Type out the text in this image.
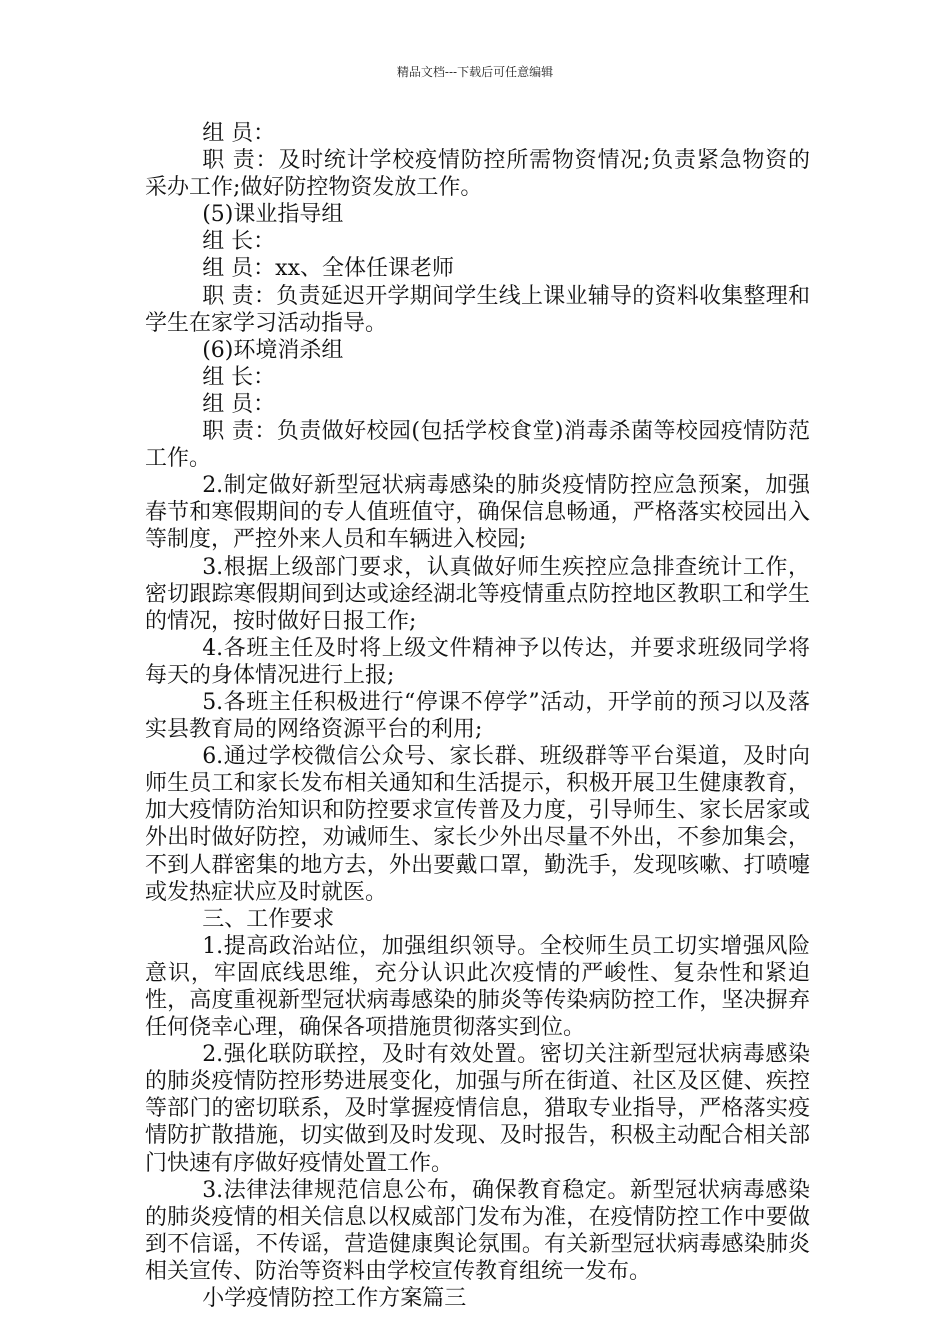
精品文档---下载后可任意编辑

组 员：

职 责：及时统计学校疫情防控所需物资情况;负责紧急物资的采办工作;做好防控物资发放工作。

(5)课业指导组

组 长：

组 员：xx、全体任课老师

职 责：负责延迟开学期间学生线上课业辅导的资料收集整理和学生在家学习活动指导。

(6)环境消杀组

组 长：

组 员：

职 责：负责做好校园(包括学校食堂)消毒杀菌等校园疫情防范工作。

2.制定做好新型冠状病毒感染的肺炎疫情防控应急预案，加强春节和寒假期间的专人值班值守，确保信息畅通，严格落实校园出入等制度，严控外来人员和车辆进入校园;

3.根据上级部门要求，认真做好师生疾控应急排查统计工作，密切跟踪寒假期间到达或途经湖北等疫情重点防控地区教职工和学生的情况，按时做好日报工作;

4.各班主任及时将上级文件精神予以传达，并要求班级同学将每天的身体情况进行上报;

5.各班主任积极进行“停课不停学”活动，开学前的预习以及落实县教育局的网络资源平台的利用;

6.通过学校微信公众号、家长群、班级群等平台渠道，及时向师生员工和家长发布相关通知和生活提示，积极开展卫生健康教育，加大疫情防治知识和防控要求宣传普及力度，引导师生、家长居家或外出时做好防控，劝诫师生、家长少外出尽量不外出，不参加集会，不到人群密集的地方去，外出要戴口罩，勤洗手，发现咳嗽、打喷嚏或发热症状应及时就医。

三、工作要求

1.提高政治站位，加强组织领导。全校师生员工切实增强风险意识，牢固底线思维，充分认识此次疫情的严峻性、复杂性和紧迫性，高度重视新型冠状病毒感染的肺炎等传染病防控工作，坚决摒弃任何侥幸心理，确保各项措施贯彻落实到位。

2.强化联防联控，及时有效处置。密切关注新型冠状病毒感染的肺炎疫情防控形势进展变化，加强与所在街道、社区及区健、疾控等部门的密切联系，及时掌握疫情信息，猎取专业指导，严格落实疫情防扩散措施，切实做到及时发现、及时报告，积极主动配合相关部门快速有序做好疫情处置工作。

3.法律法律规范信息公布，确保教育稳定。新型冠状病毒感染的肺炎疫情的相关信息以权威部门发布为准，在疫情防控工作中要做到不信谣，不传谣，营造健康舆论氛围。有关新型冠状病毒感染肺炎相关宣传、防治等资料由学校宣传教育组统一发布。

小学疫情防控工作方案篇三
